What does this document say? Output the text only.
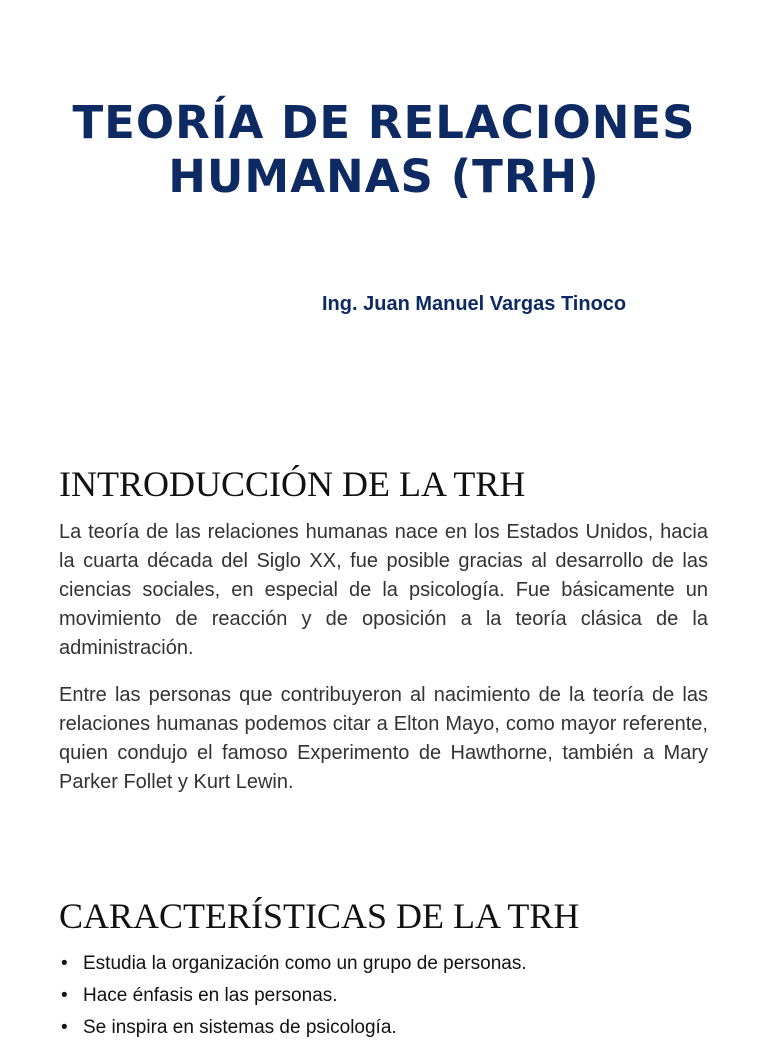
TEORÍA DE RELACIONES
HUMANAS (TRH)
Ing. Juan Manuel Vargas Tinoco
INTRODUCCIÓN DE LA TRH

La teoría de las relaciones humanas nace en los Estados Unidos, hacia la cuarta década del Siglo XX, fue posible gracias al desarrollo de las ciencias sociales, en especial de la psicología. Fue básicamente un movimiento de reacción y de oposición a la teoría clásica de la administración.

Entre las personas que contribuyeron al nacimiento de la teoría de las relaciones humanas podemos citar a Elton Mayo, como mayor referente, quien condujo el famoso Experimento de Hawthorne, también a Mary Parker Follet y Kurt Lewin.

CARACTERÍSTICAS DE LA TRH
• Estudia la organización como un grupo de personas.
• Hace énfasis en las personas.
• Se inspira en sistemas de psicología.
